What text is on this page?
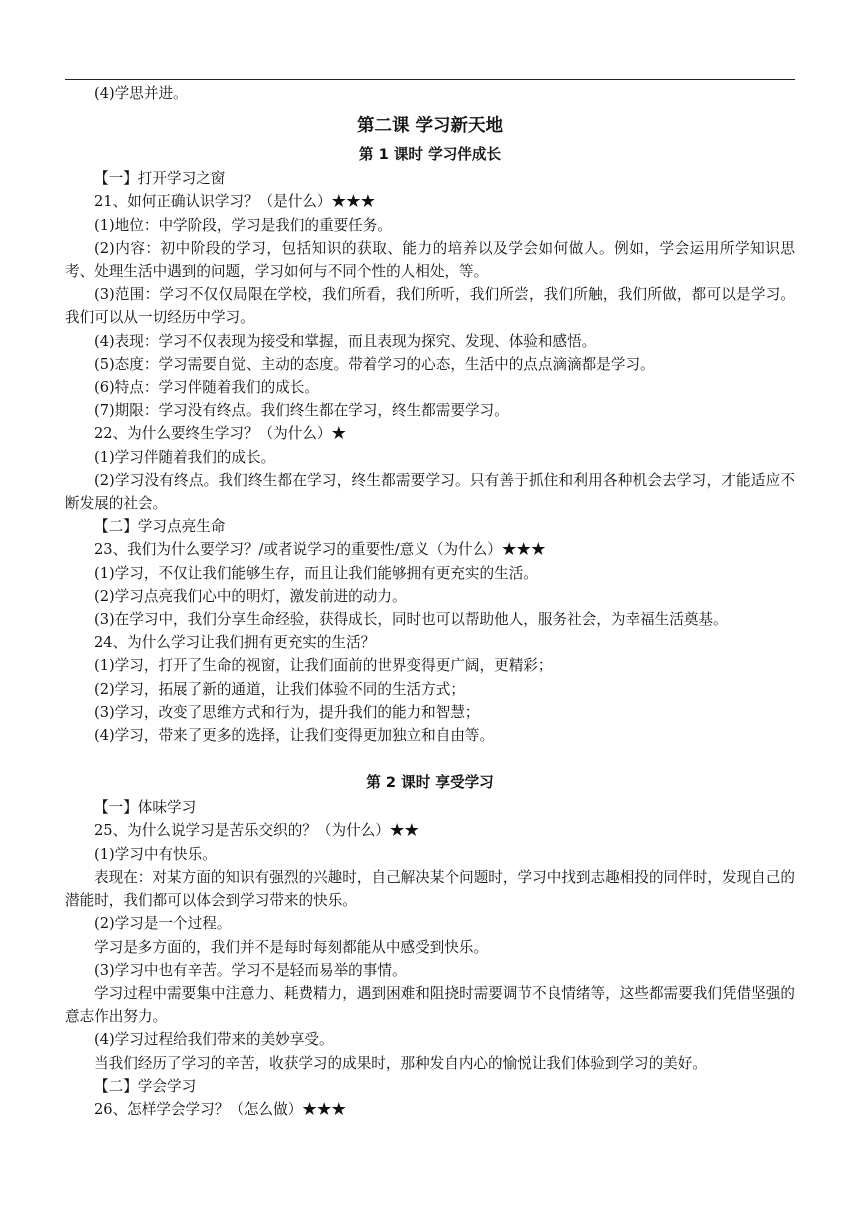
(4)学思并进。
第二课 学习新天地
第 1 课时 学习伴成长
【一】打开学习之窗
21、如何正确认识学习？（是什么）★★★
(1)地位：中学阶段，学习是我们的重要任务。
(2)内容：初中阶段的学习，包括知识的获取、能力的培养以及学会如何做人。例如，学会运用所学知识思考、处理生活中遇到的问题，学习如何与不同个性的人相处，等。
(3)范围：学习不仅仅局限在学校，我们所看，我们所听，我们所尝，我们所触，我们所做，都可以是学习。我们可以从一切经历中学习。
(4)表现：学习不仅表现为接受和掌握，而且表现为探究、发现、体验和感悟。
(5)态度：学习需要自觉、主动的态度。带着学习的心态，生活中的点点滴滴都是学习。
(6)特点：学习伴随着我们的成长。
(7)期限：学习没有终点。我们终生都在学习，终生都需要学习。
22、为什么要终生学习？（为什么）★
(1)学习伴随着我们的成长。
(2)学习没有终点。我们终生都在学习，终生都需要学习。只有善于抓住和利用各种机会去学习，才能适应不断发展的社会。
【二】学习点亮生命
23、我们为什么要学习？/或者说学习的重要性/意义（为什么）★★★
(1)学习，不仅让我们能够生存，而且让我们能够拥有更充实的生活。
(2)学习点亮我们心中的明灯，激发前进的动力。
(3)在学习中，我们分享生命经验，获得成长，同时也可以帮助他人，服务社会，为幸福生活奠基。
24、为什么学习让我们拥有更充实的生活？
(1)学习，打开了生命的视窗，让我们面前的世界变得更广阔，更精彩；
(2)学习，拓展了新的通道，让我们体验不同的生活方式；
(3)学习，改变了思维方式和行为，提升我们的能力和智慧；
(4)学习，带来了更多的选择，让我们变得更加独立和自由等。
第 2 课时 享受学习
【一】体味学习
25、为什么说学习是苦乐交织的？（为什么）★★
(1)学习中有快乐。
表现在：对某方面的知识有强烈的兴趣时，自己解决某个问题时，学习中找到志趣相投的同伴时，发现自己的潜能时，我们都可以体会到学习带来的快乐。
(2)学习是一个过程。
学习是多方面的，我们并不是每时每刻都能从中感受到快乐。
(3)学习中也有辛苦。学习不是轻而易举的事情。
学习过程中需要集中注意力、耗费精力，遇到困难和阻挠时需要调节不良情绪等，这些都需要我们凭借坚强的意志作出努力。
(4)学习过程给我们带来的美妙享受。
当我们经历了学习的辛苦，收获学习的成果时，那种发自内心的愉悦让我们体验到学习的美好。
【二】学会学习
26、怎样学会学习？（怎么做）★★★
